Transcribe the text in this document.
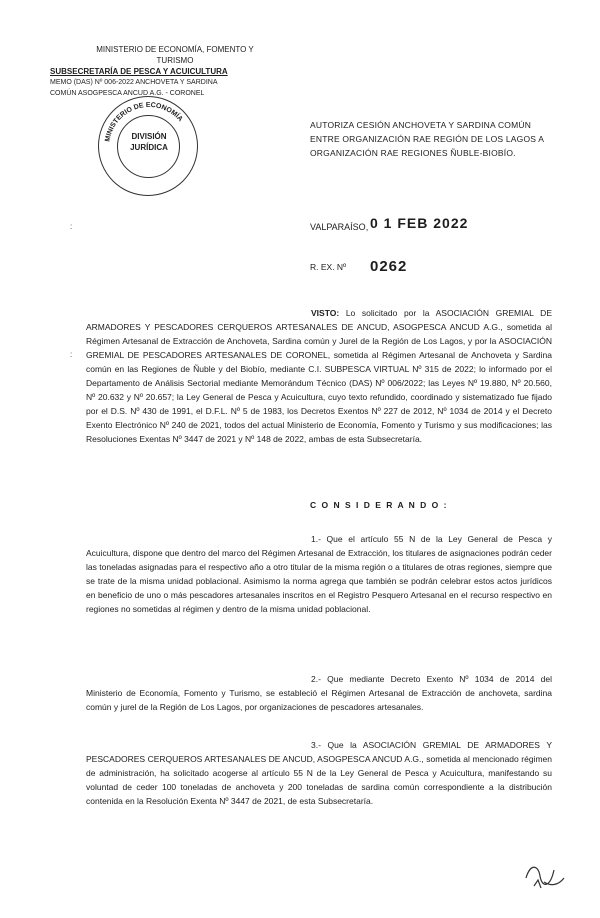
MINISTERIO DE ECONOMÍA, FOMENTO Y
TURISMO
SUBSECRETARÍA DE PESCA Y ACUICULTURA
MEMO (DAS) Nº 006-2022 ANCHOVETA Y SARDINA
COMÚN ASOGPESCA ANCUD A.G. - CORONEL
MINISTERIO DE ECONOMÍA
DIVISIÓN
JURÍDICA
AUTORIZA CESIÓN ANCHOVETA Y SARDINA COMÚN ENTRE ORGANIZACIÓN RAE REGIÓN DE LOS LAGOS A ORGANIZACIÓN RAE REGIONES ÑUBLE-BIOBÍO.
VALPARAÍSO, 0 1 FEB 2022
R. EX. Nº 0262
:
:
VISTO: Lo solicitado por la ASOCIACIÓN GREMIAL DE ARMADORES Y PESCADORES CERQUEROS ARTESANALES DE ANCUD, ASOGPESCA ANCUD A.G., sometida al Régimen Artesanal de Extracción de Anchoveta, Sardina común y Jurel de la Región de Los Lagos, y por la ASOCIACIÓN GREMIAL DE PESCADORES ARTESANALES DE CORONEL, sometida al Régimen Artesanal de Anchoveta y Sardina común en las Regiones de Ñuble y del Biobío, mediante C.I. SUBPESCA VIRTUAL Nº 315 de 2022; lo informado por el Departamento de Análisis Sectorial mediante Memorándum Técnico (DAS) Nº 006/2022; las Leyes Nº 19.880, Nº 20.560, Nº 20.632 y Nº 20.657; la Ley General de Pesca y Acuicultura, cuyo texto refundido, coordinado y sistematizado fue fijado por el D.S. Nº 430 de 1991, el D.F.L. Nº 5 de 1983, los Decretos Exentos Nº 227 de 2012, Nº 1034 de 2014 y el Decreto Exento Electrónico Nº 240 de 2021, todos del actual Ministerio de Economía, Fomento y Turismo y sus modificaciones; las Resoluciones Exentas Nº 3447 de 2021 y Nº 148 de 2022, ambas de esta Subsecretaría.
C O N S I D E R A N D O :
1.- Que el artículo 55 N de la Ley General de Pesca y Acuicultura, dispone que dentro del marco del Régimen Artesanal de Extracción, los titulares de asignaciones podrán ceder las toneladas asignadas para el respectivo año a otro titular de la misma región o a titulares de otras regiones, siempre que se trate de la misma unidad poblacional. Asimismo la norma agrega que también se podrán celebrar estos actos jurídicos en beneficio de uno o más pescadores artesanales inscritos en el Registro Pesquero Artesanal en el recurso respectivo en regiones no sometidas al régimen y dentro de la misma unidad poblacional.
2.- Que mediante Decreto Exento Nº 1034 de 2014 del Ministerio de Economía, Fomento y Turismo, se estableció el Régimen Artesanal de Extracción de anchoveta, sardina común y jurel de la Región de Los Lagos, por organizaciones de pescadores artesanales.
3.- Que la ASOCIACIÓN GREMIAL DE ARMADORES Y PESCADORES CERQUEROS ARTESANALES DE ANCUD, ASOGPESCA ANCUD A.G., sometida al mencionado régimen de administración, ha solicitado acogerse al artículo 55 N de la Ley General de Pesca y Acuicultura, manifestando su voluntad de ceder 100 toneladas de anchoveta y 200 toneladas de sardina común correspondiente a la distribución contenida en la Resolución Exenta Nº 3447 de 2021, de esta Subsecretaría.
